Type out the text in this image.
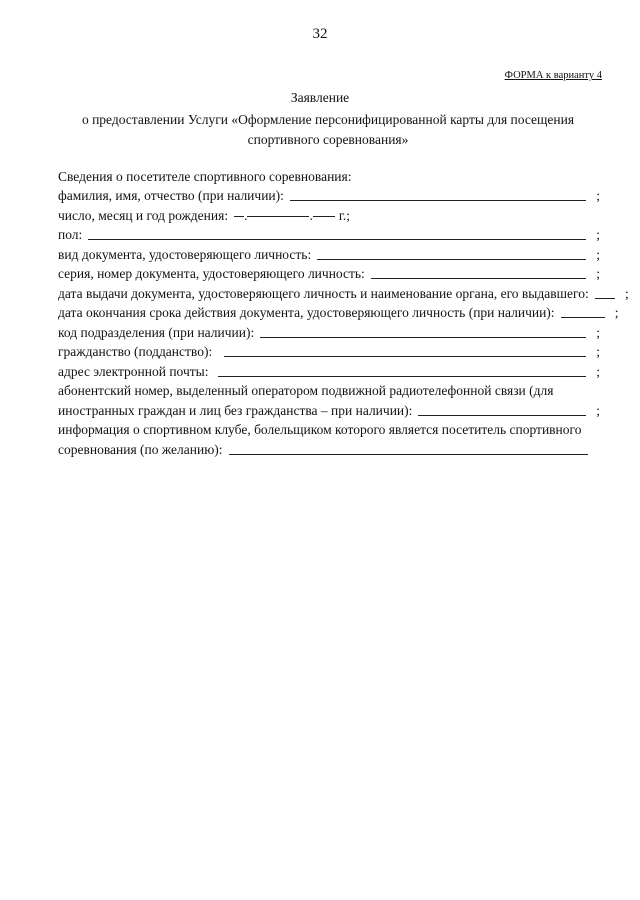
32
ФОРМА к варианту 4
Заявление
о предоставлении Услуги «Оформление персонифицированной карты для посещения спортивного соревнования»
Сведения о посетителе спортивного соревнования:
фамилия, имя, отчество (при наличии):	;
число, месяц и год рождения:	.	.	г.;
пол:	;
вид документа, удостоверяющего личность:	;
серия, номер документа, удостоверяющего личность:	;
дата выдачи документа, удостоверяющего личность и наименование органа, его выдавшего:	;
дата окончания срока действия документа, удостоверяющего личность (при наличии):	;
код подразделения (при наличии):	;
гражданство (подданство):	;
адрес электронной почты:	;
абонентский номер, выделенный оператором подвижной радиотелефонной связи (для
иностранных граждан и лиц без гражданства – при наличии):	;
информация о спортивном клубе, болельщиком которого является посетитель спортивного
соревнования (по желанию):
